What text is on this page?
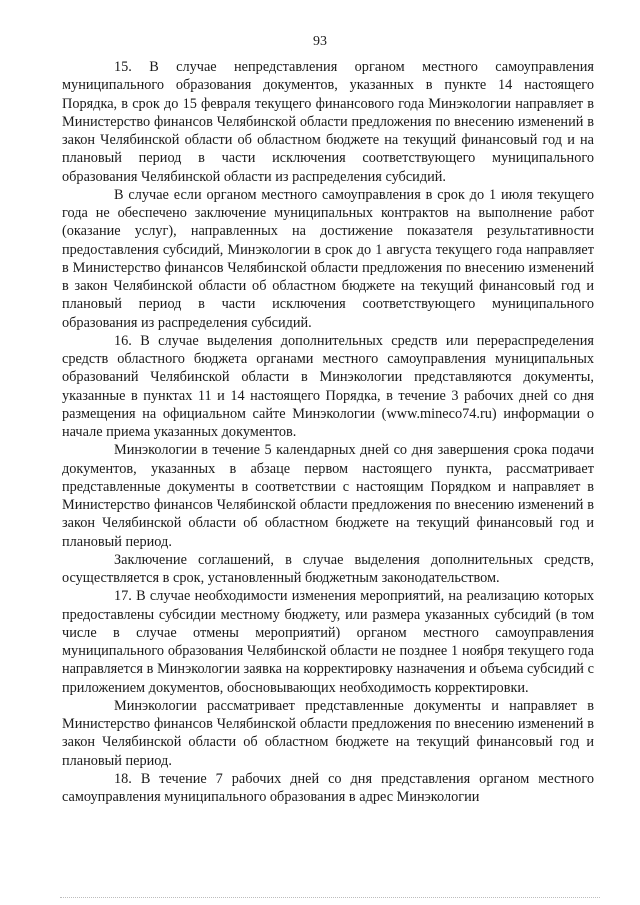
93

15. В случае непредставления органом местного самоуправления муниципального образования документов, указанных в пункте 14 настоящего Порядка, в срок до 15 февраля текущего финансового года Минэкологии направляет в Министерство финансов Челябинской области предложения по внесению изменений в закон Челябинской области об областном бюджете на текущий финансовый год и на плановый период в части исключения соответствующего муниципального образования Челябинской области из распределения субсидий.

В случае если органом местного самоуправления в срок до 1 июля текущего года не обеспечено заключение муниципальных контрактов на выполнение работ (оказание услуг), направленных на достижение показателя результативности предоставления субсидий, Минэкологии в срок до 1 августа текущего года направляет в Министерство финансов Челябинской области предложения по внесению изменений в закон Челябинской области об областном бюджете на текущий финансовый год и плановый период в части исключения соответствующего муниципального образования из распределения субсидий.

16. В случае выделения дополнительных средств или перераспределения средств областного бюджета органами местного самоуправления муниципальных образований Челябинской области в Минэкологии представляются документы, указанные в пунктах 11 и 14 настоящего Порядка, в течение 3 рабочих дней со дня размещения на официальном сайте Минэкологии (www.mineco74.ru) информации о начале приема указанных документов.

Минэкологии в течение 5 календарных дней со дня завершения срока подачи документов, указанных в абзаце первом настоящего пункта, рассматривает представленные документы в соответствии с настоящим Порядком и направляет в Министерство финансов Челябинской области предложения по внесению изменений в закон Челябинской области об областном бюджете на текущий финансовый год и плановый период.

Заключение соглашений, в случае выделения дополнительных средств, осуществляется в срок, установленный бюджетным законодательством.

17. В случае необходимости изменения мероприятий, на реализацию которых предоставлены субсидии местному бюджету, или размера указанных субсидий (в том числе в случае отмены мероприятий) органом местного самоуправления муниципального образования Челябинской области не позднее 1 ноября текущего года направляется в Минэкологии заявка на корректировку назначения и объема субсидий с приложением документов, обосновывающих необходимость корректировки.

Минэкологии рассматривает представленные документы и направляет в Министерство финансов Челябинской области предложения по внесению изменений в закон Челябинской области об областном бюджете на текущий финансовый год и плановый период.

18. В течение 7 рабочих дней со дня представления органом местного самоуправления муниципального образования в адрес Минэкологии
